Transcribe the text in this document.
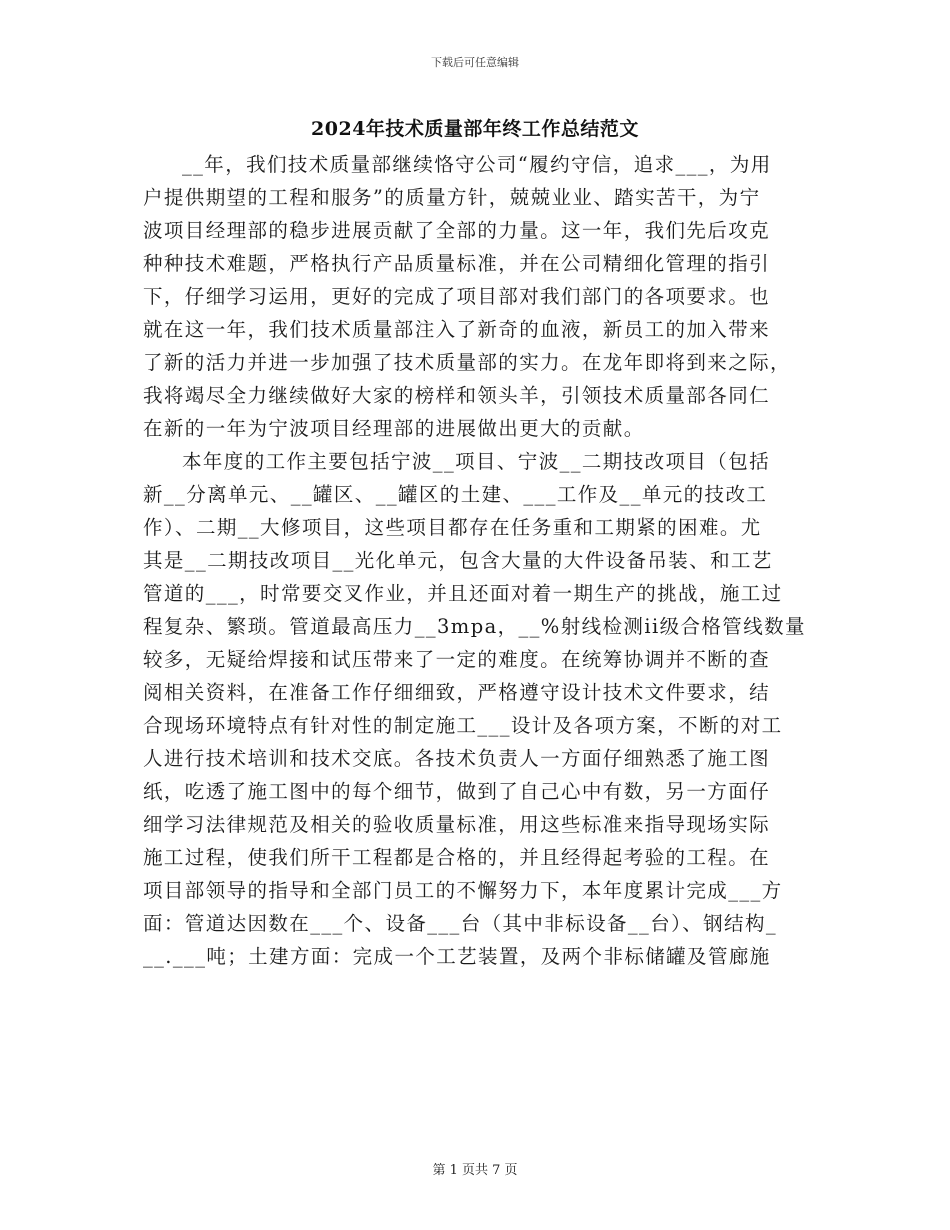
下载后可任意编辑
2024年技术质量部年终工作总结范文
__年，我们技术质量部继续恪守公司“履约守信，追求___，为用
户提供期望的工程和服务”的质量方针，兢兢业业、踏实苦干，为宁
波项目经理部的稳步进展贡献了全部的力量。这一年，我们先后攻克
种种技术难题，严格执行产品质量标准，并在公司精细化管理的指引
下，仔细学习运用，更好的完成了项目部对我们部门的各项要求。也
就在这一年，我们技术质量部注入了新奇的血液，新员工的加入带来
了新的活力并进一步加强了技术质量部的实力。在龙年即将到来之际，
我将竭尽全力继续做好大家的榜样和领头羊，引领技术质量部各同仁
在新的一年为宁波项目经理部的进展做出更大的贡献。
本年度的工作主要包括宁波__项目、宁波__二期技改项目（包括
新__分离单元、__罐区、__罐区的土建、___工作及__单元的技改工
作）、二期__大修项目，这些项目都存在任务重和工期紧的困难。尤
其是__二期技改项目__光化单元，包含大量的大件设备吊装、和工艺
管道的___，时常要交叉作业，并且还面对着一期生产的挑战，施工过
程复杂、繁琐。管道最高压力__3mpa，__%射线检测ii级合格管线数量
较多，无疑给焊接和试压带来了一定的难度。在统筹协调并不断的查
阅相关资料，在准备工作仔细细致，严格遵守设计技术文件要求，结
合现场环境特点有针对性的制定施工___设计及各项方案，不断的对工
人进行技术培训和技术交底。各技术负责人一方面仔细熟悉了施工图
纸，吃透了施工图中的每个细节，做到了自己心中有数，另一方面仔
细学习法律规范及相关的验收质量标准，用这些标准来指导现场实际
施工过程，使我们所干工程都是合格的，并且经得起考验的工程。在
项目部领导的指导和全部门员工的不懈努力下，本年度累计完成___方
面：管道达因数在___个、设备___台（其中非标设备__台）、钢结构_
__.___吨；土建方面：完成一个工艺装置，及两个非标储罐及管廊施
第 1 页共 7 页
